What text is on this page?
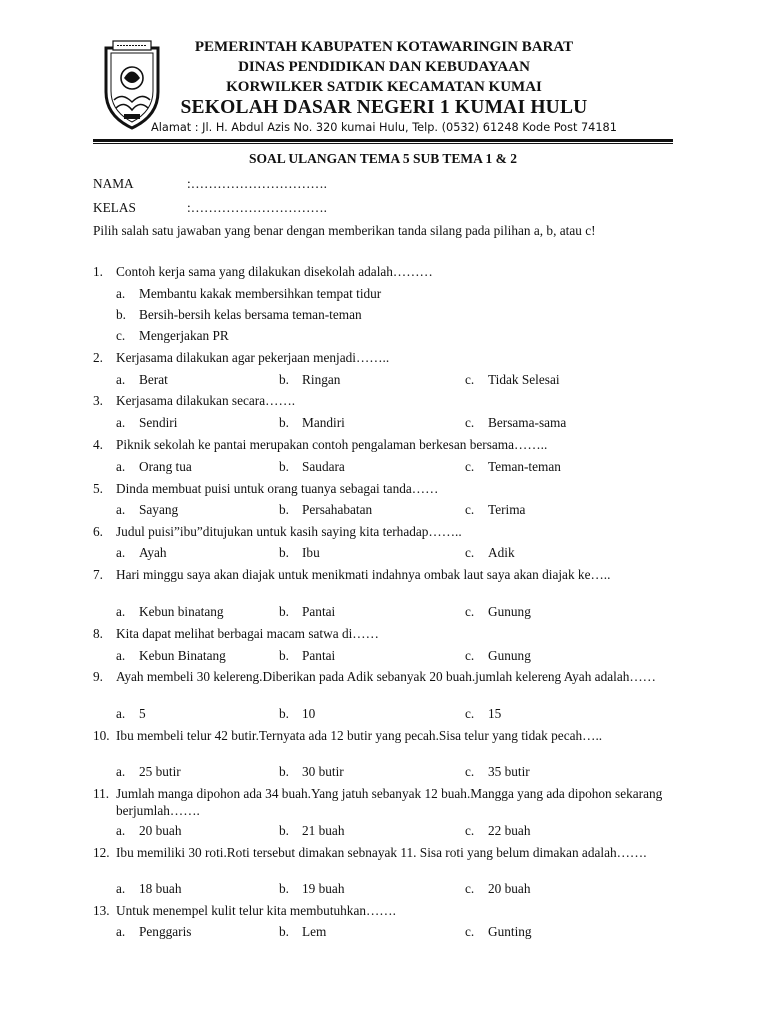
PEMERINTAH KABUPATEN KOTAWARINGIN BARAT
DINAS PENDIDIKAN DAN KEBUDAYAAN
KORWILKER SATDIK KECAMATAN KUMAI
SEKOLAH DASAR NEGERI 1 KUMAI HULU
Alamat : Jl. H. Abdul Azis No. 320 kumai Hulu, Telp. (0532) 61248 Kode Post 74181
SOAL ULANGAN TEMA 5 SUB TEMA 1 & 2
NAMA	:………………………….
KELAS	:………………………….
Pilih salah satu jawaban yang benar dengan memberikan tanda silang pada pilihan a, b, atau c!
1. Contoh kerja sama yang dilakukan disekolah adalah………
a. Membantu kakak membersihkan tempat tidur
b. Bersih-bersih kelas bersama teman-teman
c. Mengerjakan PR
2. Kerjasama dilakukan agar pekerjaan menjadi……..
a. Berat	b. Ringan	c. Tidak Selesai
3. Kerjasama dilakukan secara…….
a. Sendiri	b. Mandiri	c. Bersama-sama
4. Piknik sekolah ke pantai merupakan contoh pengalaman berkesan bersama……..
a. Orang tua	b. Saudara	c. Teman-teman
5. Dinda membuat puisi untuk orang tuanya sebagai tanda……
a. Sayang	b. Persahabatan	c. Terima
6. Judul puisi”ibu”ditujukan untuk kasih saying kita terhadap……..
a. Ayah	b. Ibu	c. Adik
7. Hari minggu saya akan diajak untuk menikmati indahnya ombak laut saya akan diajak ke…..
a. Kebun binatang	b. Pantai	c. Gunung
8. Kita dapat melihat berbagai macam satwa di……
a. Kebun Binatang	b. Pantai	c. Gunung
9. Ayah membeli 30 kelereng.Diberikan pada Adik sebanyak 20 buah.jumlah kelereng Ayah adalah……
a. 5	b. 10	c. 15
10. Ibu membeli telur 42 butir.Ternyata ada 12 butir yang pecah.Sisa telur yang tidak pecah…..
a. 25 butir	b. 30 butir	c. 35 butir
11. Jumlah manga dipohon ada 34 buah.Yang jatuh sebanyak 12 buah.Mangga yang ada dipohon sekarang berjumlah…….
a. 20 buah	b. 21 buah	c. 22 buah
12. Ibu memiliki 30 roti.Roti tersebut dimakan sebnayak 11. Sisa roti yang belum dimakan adalah…….
a. 18 buah	b. 19 buah	c. 20 buah
13. Untuk menempel kulit telur kita membutuhkan…….
a. Penggaris	b. Lem	c. Gunting
